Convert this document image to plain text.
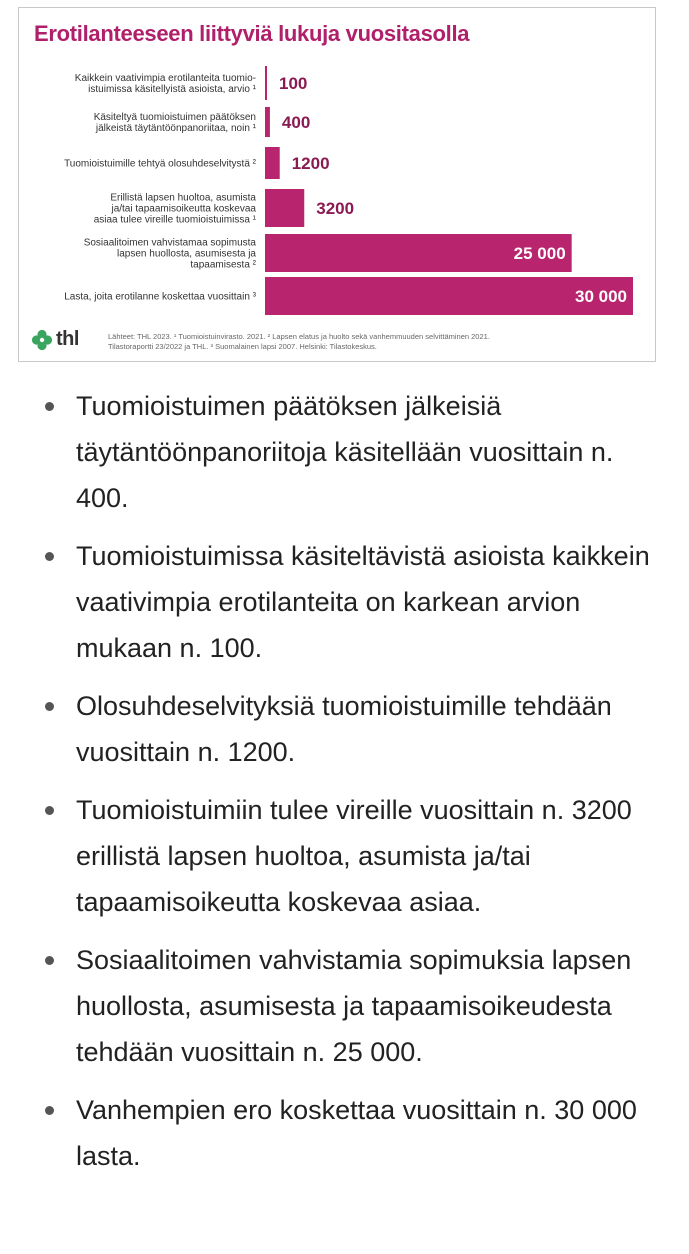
Erotilanteeseen liittyviä lukuja vuositasolla
100
Kaikkein vaativimpia erotilanteita tuomio-istuimissa käsitellyistä asioista, arvio ¹
400
Käsiteltyä tuomioistuimen päätöksen jälkeistä täytäntöönpanoriitaa, noin ¹
1200
Tuomioistuimille tehtyä olosuhdeselvitystä ²
3200
Erillistä lapsen huoltoa, asumista ja/tai tapaamisoikeutta koskevaa asiaa tulee vireille tuomioistuimissa ¹
25 000
Sosiaalitoimen vahvistamaa sopimusta lapsen huollosta, asumisesta ja tapaamisesta ²
30 000
Lasta, joita erotilanne koskettaa vuosittain ³
thl	Lähteet: THL 2023. ¹ Tuomioistuinvirasto. 2021. ² Lapsen elatus ja huolto sekä vanhemmuuden selvittäminen 2021.
Tilastoraportti 23/2022 ja THL. ³ Suomalainen lapsi 2007. Helsinki: Tilastokeskus.
Tuomioistuimen päätöksen jälkeisiä täytäntöönpanoriitoja käsitellään vuosittain n. 400.
Tuomioistuimissa käsiteltävistä asioista kaikkein vaativimpia erotilanteita on karkean arvion mukaan n. 100.
Olosuhdeselvityksiä tuomioistuimille tehdään vuosittain n. 1200.
Tuomioistuimiin tulee vireille vuosittain n. 3200 erillistä lapsen huoltoa, asumista ja/tai tapaamisoikeutta koskevaa asiaa.
Sosiaalitoimen vahvistamia sopimuksia lapsen huollosta, asumisesta ja tapaamisoikeudesta tehdään vuosittain n. 25 000.
Vanhempien ero koskettaa vuosittain n. 30 000 lasta.
